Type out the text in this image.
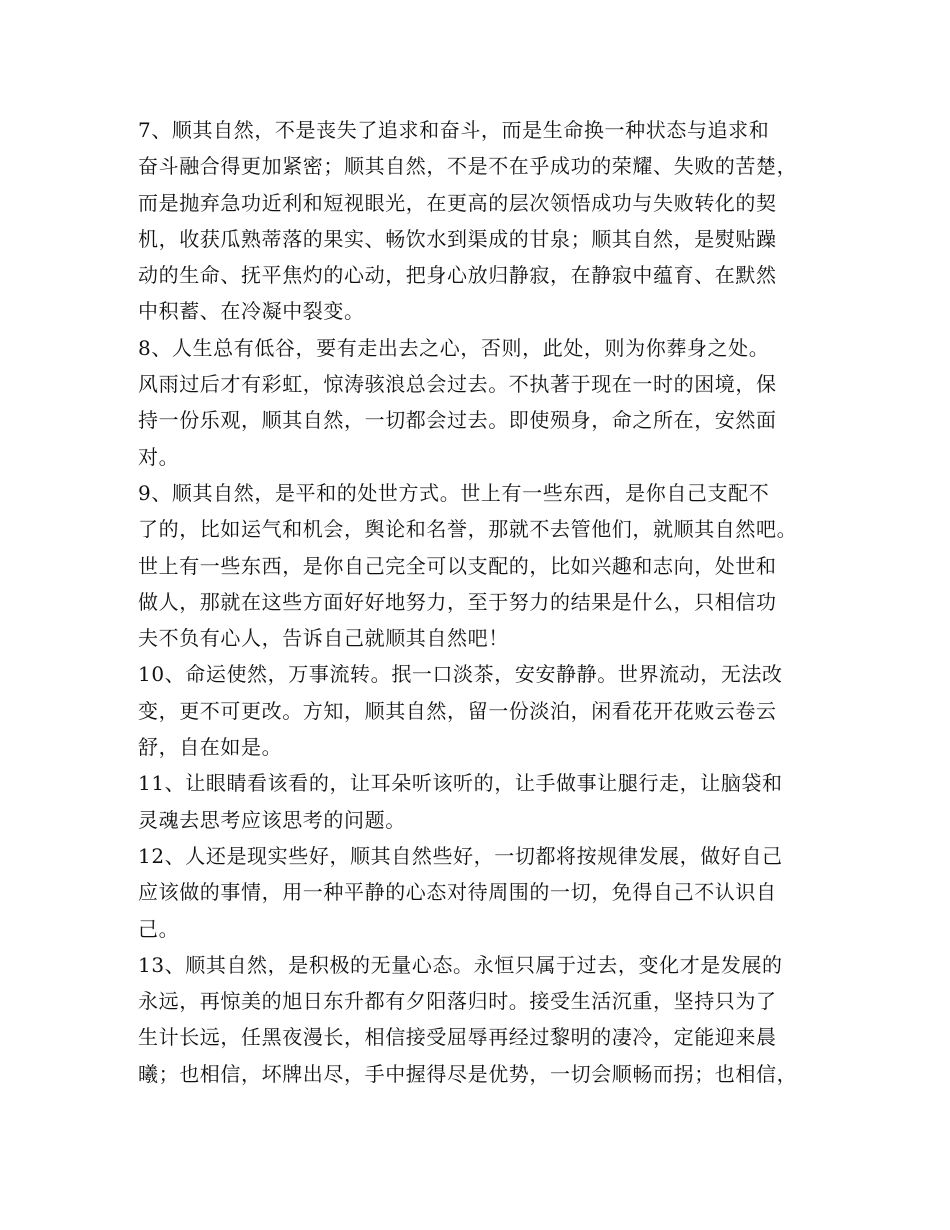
7、顺其自然，不是丧失了追求和奋斗，而是生命换一种状态与追求和
奋斗融合得更加紧密；顺其自然，不是不在乎成功的荣耀、失败的苦楚，
而是抛弃急功近利和短视眼光，在更高的层次领悟成功与失败转化的契
机，收获瓜熟蒂落的果实、畅饮水到渠成的甘泉；顺其自然，是熨贴躁
动的生命、抚平焦灼的心动，把身心放归静寂，在静寂中蕴育、在默然
中积蓄、在冷凝中裂变。
8、人生总有低谷，要有走出去之心，否则，此处，则为你葬身之处。
风雨过后才有彩虹，惊涛骇浪总会过去。不执著于现在一时的困境，保
持一份乐观，顺其自然，一切都会过去。即使殒身，命之所在，安然面
对。
9、顺其自然，是平和的处世方式。世上有一些东西，是你自己支配不
了的，比如运气和机会，舆论和名誉，那就不去管他们，就顺其自然吧。
世上有一些东西，是你自己完全可以支配的，比如兴趣和志向，处世和
做人，那就在这些方面好好地努力，至于努力的结果是什么，只相信功
夫不负有心人，告诉自己就顺其自然吧！
10、命运使然，万事流转。抿一口淡茶，安安静静。世界流动，无法改
变，更不可更改。方知，顺其自然，留一份淡泊，闲看花开花败云卷云
舒，自在如是。
11、让眼睛看该看的，让耳朵听该听的，让手做事让腿行走，让脑袋和
灵魂去思考应该思考的问题。
12、人还是现实些好，顺其自然些好，一切都将按规律发展，做好自己
应该做的事情，用一种平静的心态对待周围的一切，免得自己不认识自
己。
13、顺其自然，是积极的无量心态。永恒只属于过去，变化才是发展的
永远，再惊美的旭日东升都有夕阳落归时。接受生活沉重，坚持只为了
生计长远，任黑夜漫长，相信接受屈辱再经过黎明的凄冷，定能迎来晨
曦；也相信，坏牌出尽，手中握得尽是优势，一切会顺畅而拐；也相信，
